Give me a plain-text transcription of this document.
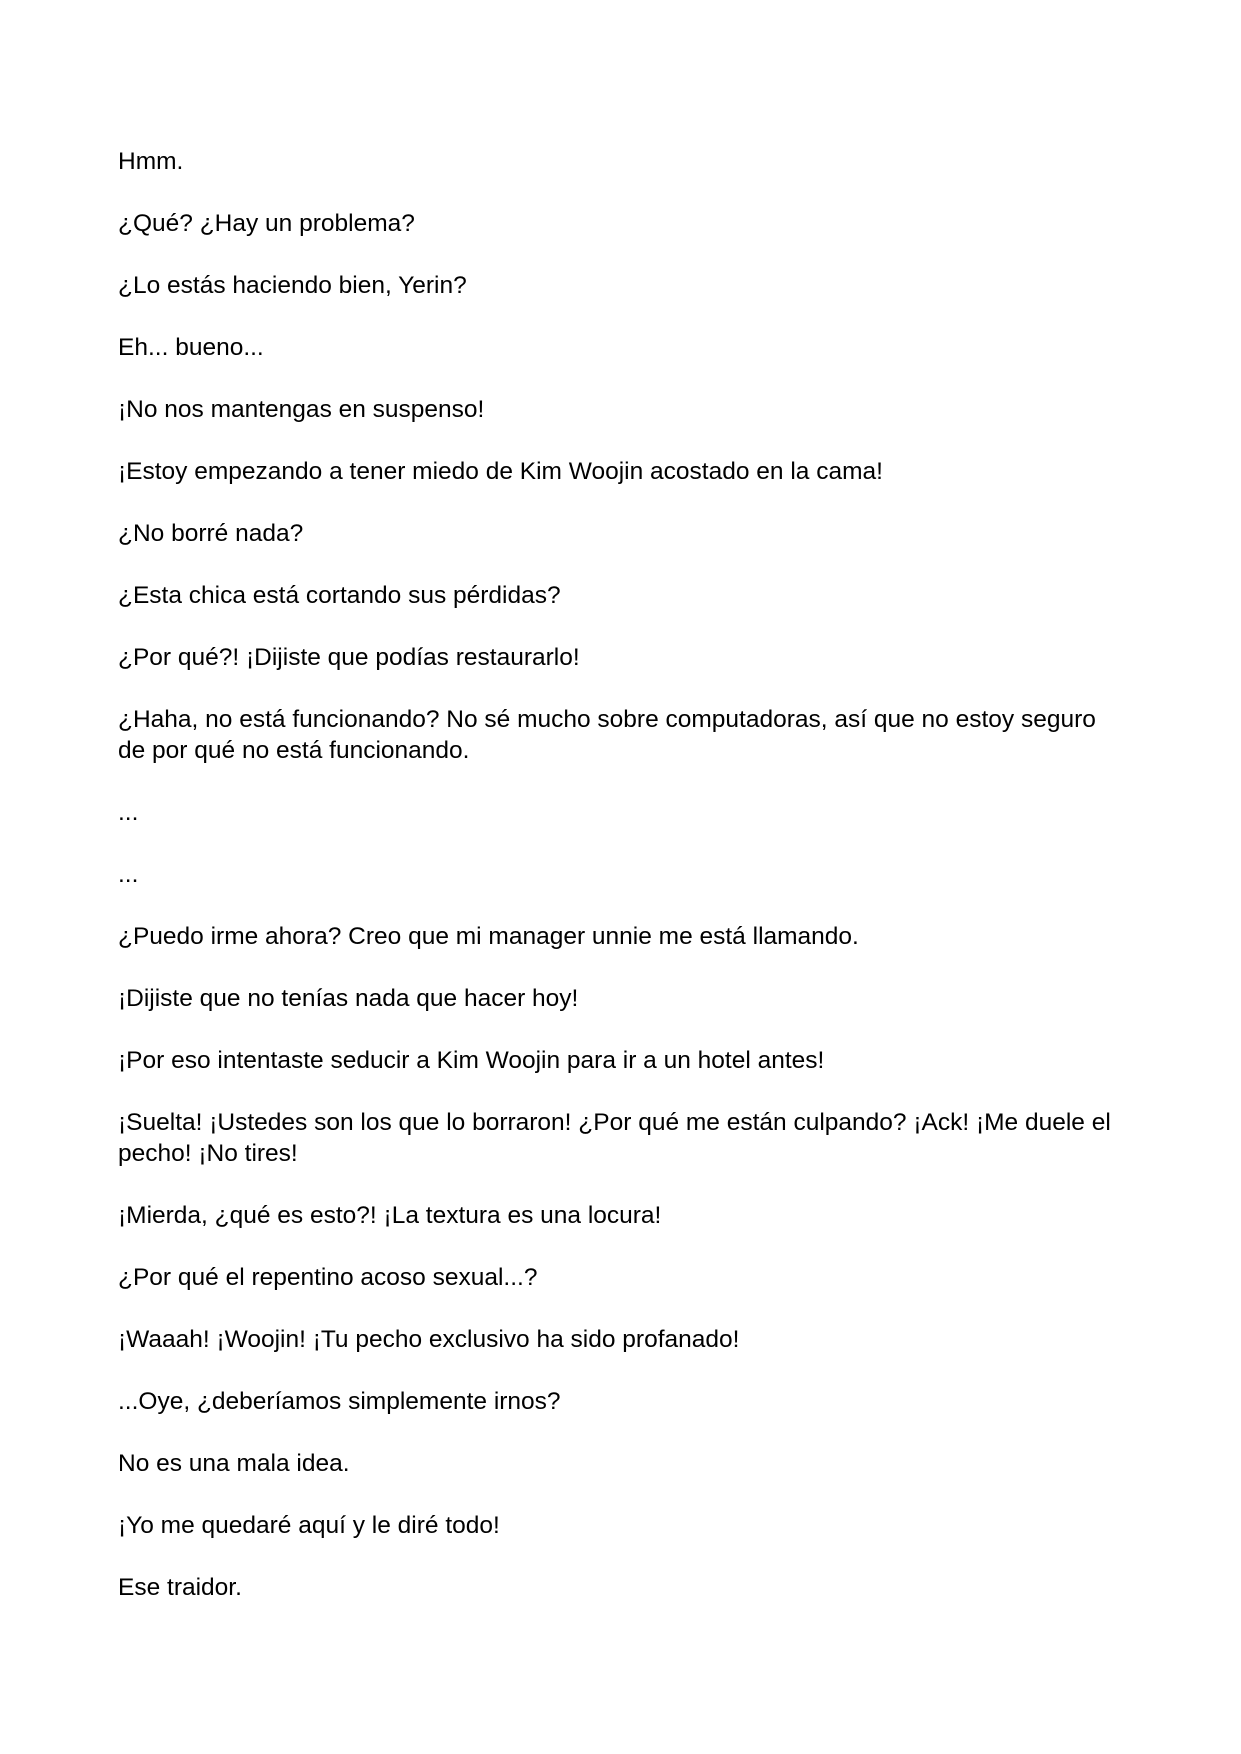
Hmm.

¿Qué? ¿Hay un problema?

¿Lo estás haciendo bien, Yerin?

Eh... bueno...

¡No nos mantengas en suspenso!

¡Estoy empezando a tener miedo de Kim Woojin acostado en la cama!

¿No borré nada?

¿Esta chica está cortando sus pérdidas?

¿Por qué?! ¡Dijiste que podías restaurarlo!

¿Haha, no está funcionando? No sé mucho sobre computadoras, así que no estoy seguro de por qué no está funcionando.

...

...

¿Puedo irme ahora? Creo que mi manager unnie me está llamando.

¡Dijiste que no tenías nada que hacer hoy!

¡Por eso intentaste seducir a Kim Woojin para ir a un hotel antes!

¡Suelta! ¡Ustedes son los que lo borraron! ¿Por qué me están culpando? ¡Ack! ¡Me duele el pecho! ¡No tires!

¡Mierda, ¿qué es esto?! ¡La textura es una locura!

¿Por qué el repentino acoso sexual...?

¡Waaah! ¡Woojin! ¡Tu pecho exclusivo ha sido profanado!

...Oye, ¿deberíamos simplemente irnos?

No es una mala idea.

¡Yo me quedaré aquí y le diré todo!

Ese traidor.
